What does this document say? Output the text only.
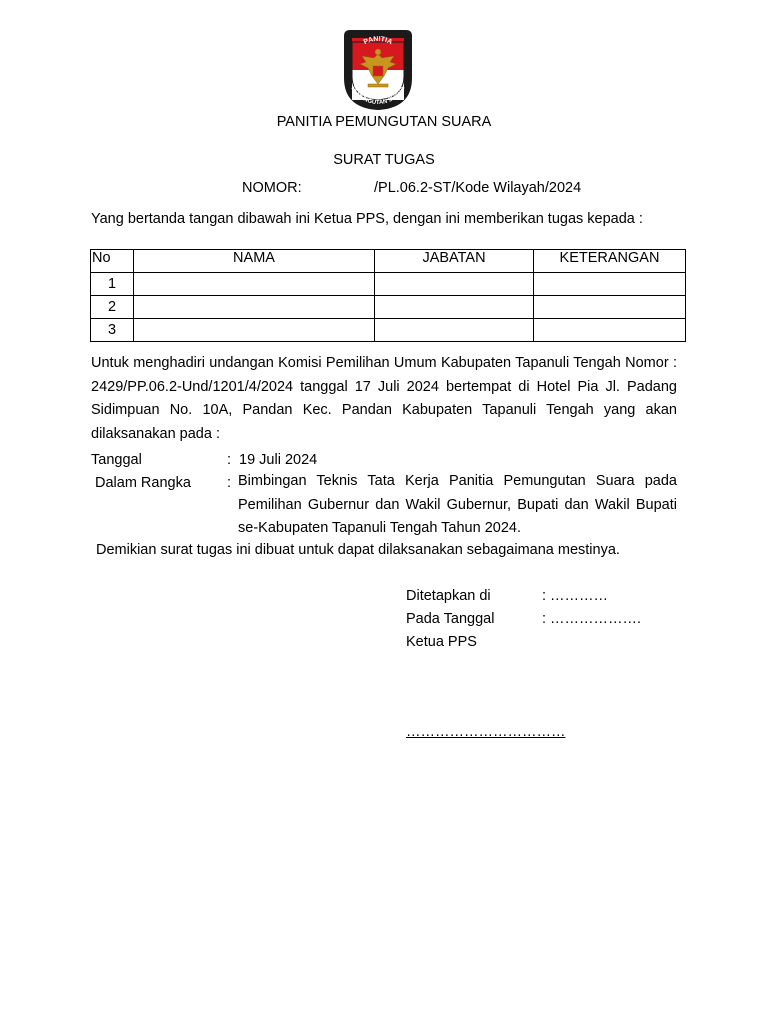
PANITIA
PEMUNGUTAN SUARA
PANITIA PEMUNGUTAN SUARA
SURAT TUGAS
NOMOR:	/PL.06.2-ST/Kode Wilayah/2024
Yang bertanda tangan dibawah ini Ketua PPS, dengan ini memberikan tugas kepada :
No	NAMA	JABATAN	KETERANGAN
1			
2			
3			
Untuk menghadiri undangan Komisi Pemilihan Umum Kabupaten Tapanuli Tengah Nomor : 2429/PP.06.2-Und/1201/4/2024 tanggal 17 Juli 2024 bertempat di Hotel Pia Jl. Padang Sidimpuan No. 10A, Pandan Kec. Pandan Kabupaten Tapanuli Tengah yang akan dilaksanakan pada :
Tanggal	: 19 Juli 2024
Dalam Rangka : Bimbingan Teknis Tata Kerja Panitia Pemungutan Suara pada Pemilihan Gubernur dan Wakil Gubernur, Bupati dan Wakil Bupati se-Kabupaten Tapanuli Tengah Tahun 2024.
Demikian surat tugas ini dibuat untuk dapat dilaksanakan sebagaimana mestinya.
Ditetapkan di	: …………
Pada Tanggal	: ……………….
Ketua PPS
……………………………
